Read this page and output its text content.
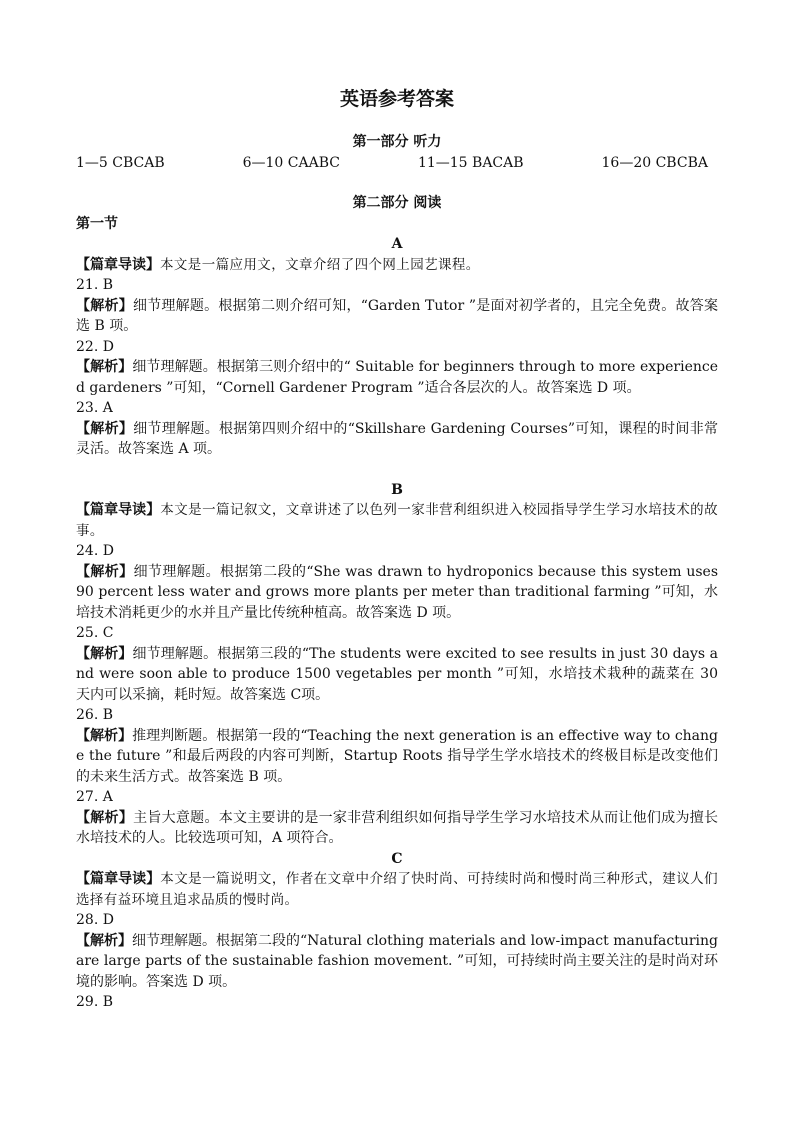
英语参考答案

第一部分 听力

1—5 CBCAB	6—10 CAABC	11—15 BACAB	16—20 CBCBA

第二部分 阅读

第一节

A

【篇章导读】本文是一篇应用文，文章介绍了四个网上园艺课程。

21. B

【解析】细节理解题。根据第二则介绍可知，“Garden Tutor ”是面对初学者的，且完全免费。故答案选 B 项。

22. D

【解析】细节理解题。根据第三则介绍中的“ Suitable for beginners through to more experienced gardeners ”可知，“Cornell Gardener Program ”适合各层次的人。故答案选 D 项。

23. A

【解析】细节理解题。根据第四则介绍中的“Skillshare Gardening Courses”可知，课程的时间非常灵活。故答案选 A 项。

B

【篇章导读】本文是一篇记叙文，文章讲述了以色列一家非营利组织进入校园指导学生学习水培技术的故事。

24. D

【解析】细节理解题。根据第二段的“She was drawn to hydroponics because this system uses 90 percent less water and grows more plants per meter than traditional farming ”可知，水培技术消耗更少的水并且产量比传统种植高。故答案选 D 项。

25. C

【解析】细节理解题。根据第三段的“The students were excited to see results in just 30 days and were soon able to produce 1500 vegetables per month ”可知，水培技术栽种的蔬菜在 30 天内可以采摘，耗时短。故答案选 C项。

26. B

【解析】推理判断题。根据第一段的“Teaching the next generation is an effective way to change the future ”和最后两段的内容可判断，Startup Roots 指导学生学水培技术的终极目标是改变他们的未来生活方式。故答案选 B 项。

27. A

【解析】主旨大意题。本文主要讲的是一家非营利组织如何指导学生学习水培技术从而让他们成为擅长水培技术的人。比较选项可知，A 项符合。

C

【篇章导读】本文是一篇说明文，作者在文章中介绍了快时尚、可持续时尚和慢时尚三种形式，建议人们选择有益环境且追求品质的慢时尚。

28. D

【解析】细节理解题。根据第二段的“Natural clothing materials and low-impact manufacturing are large parts of the sustainable fashion movement. ”可知，可持续时尚主要关注的是时尚对环境的影响。答案选 D 项。

29. B
